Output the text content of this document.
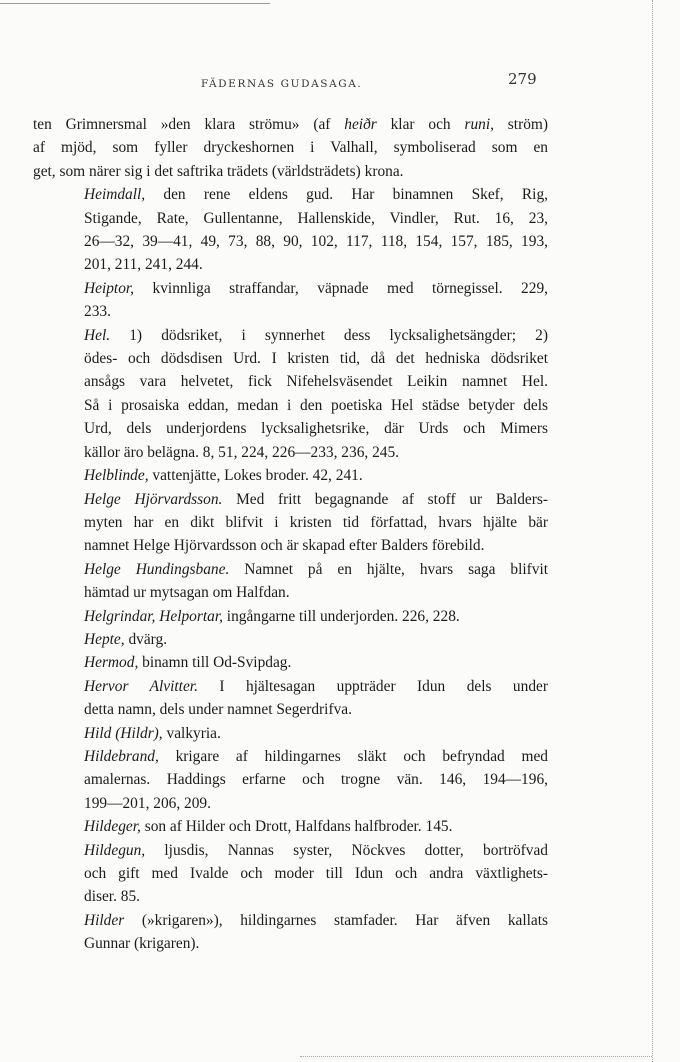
FÄDERNAS GUDASAGA.	279

ten Grimnersmal »den klara strömu» (af heiðr klar och runi, ström)
af mjöd, som fyller dryckeshornen i Valhall, symboliserad som en
get, som närer sig i det saftrika trädets (världsträdets) krona.

Heimdall, den rene eldens gud. Har binamnen Skef, Rig,
Stigande, Rate, Gullentanne, Hallenskide, Vindler, Rut. 16, 23,
26—32, 39—41, 49, 73, 88, 90, 102, 117, 118, 154, 157, 185, 193,
201, 211, 241, 244.

Heiptor, kvinnliga straffandar, väpnade med törnegissel. 229,
233.

Hel. 1) dödsriket, i synnerhet dess lycksalighetsängder; 2)
ödes- och dödsdisen Urd. I kristen tid, då det hedniska dödsriket
ansågs vara helvetet, fick Nifehelsväsendet Leikin namnet Hel.
Så i prosaiska eddan, medan i den poetiska Hel städse betyder dels
Urd, dels underjordens lycksalighetsrike, där Urds och Mimers
källor äro belägna. 8, 51, 224, 226—233, 236, 245.

Helblinde, vattenjätte, Lokes broder. 42, 241.

Helge Hjörvardsson. Med fritt begagnande af stoff ur Balders-
myten har en dikt blifvit i kristen tid författad, hvars hjälte bär
namnet Helge Hjörvardsson och är skapad efter Balders förebild.

Helge Hundingsbane. Namnet på en hjälte, hvars saga blifvit
hämtad ur mytsagan om Halfdan.

Helgrindar, Helportar, ingångarne till underjorden. 226, 228.

Hepte, dvärg.

Hermod, binamn till Od-Svipdag.

Hervor Alvitter. I hjältesagan uppträder Idun dels under
detta namn, dels under namnet Segerdrifva.

Hild (Hildr), valkyria.

Hildebrand, krigare af hildingarnes släkt och befryndad med
amalernas. Haddings erfarne och trogne vän. 146, 194—196,
199—201, 206, 209.

Hildeger, son af Hilder och Drott, Halfdans halfbroder. 145.

Hildegun, ljusdis, Nannas syster, Nöckves dotter, bortröfvad
och gift med Ivalde och moder till Idun och andra växtlighets-
diser. 85.

Hilder (»krigaren»), hildingarnes stamfader. Har äfven kallats
Gunnar (krigaren).
